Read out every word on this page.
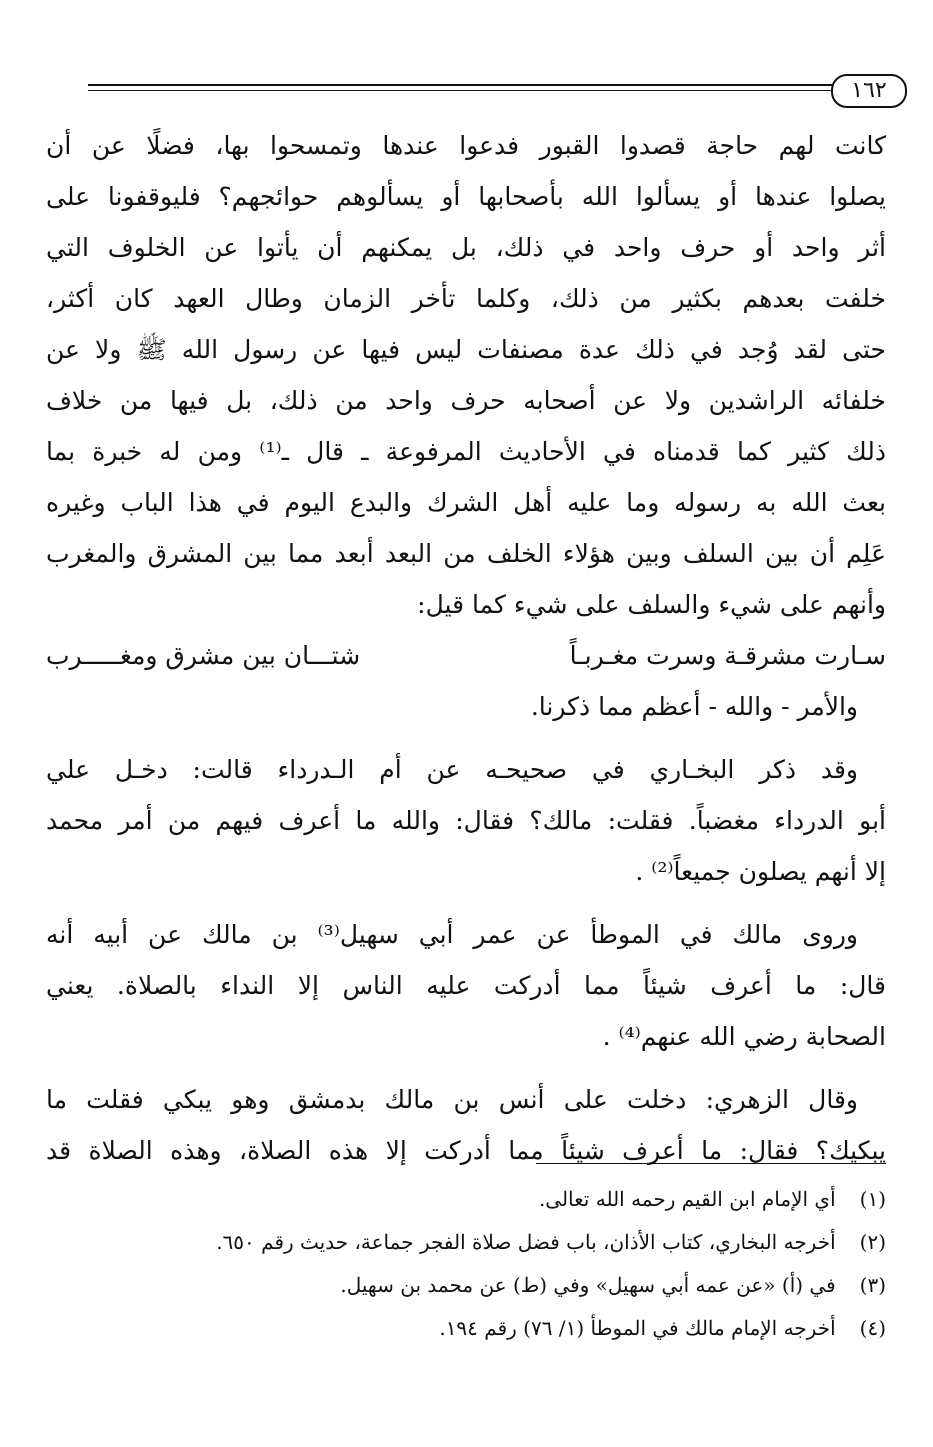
١٦٢
كانت لهم حاجة قصدوا القبور فدعوا عندها وتمسحوا بها، فضلًا عن أن
يصلوا عندها أو يسألوا الله بأصحابها أو يسألوهم حوائجهم؟ فليوقفونا على
أثر واحد أو حرف واحد في ذلك، بل يمكنهم أن يأتوا عن الخلوف التي
خلفت بعدهم بكثير من ذلك، وكلما تأخر الزمان وطال العهد كان أكثر،
حتى لقد وُجد في ذلك عدة مصنفات ليس فيها عن رسول الله ﷺ ولا عن
خلفائه الراشدين ولا عن أصحابه حرف واحد من ذلك، بل فيها من خلاف
ذلك كثير كما قدمناه في الأحاديث المرفوعة ـ قال ـ⁽¹⁾ ومن له خبرة بما
بعث الله به رسوله وما عليه أهل الشرك والبدع اليوم في هذا الباب وغيره
عَلِم أن بين السلف وبين هؤلاء الخلف من البعد أبعد مما بين المشرق والمغرب
وأنهم على شيء والسلف على شيء كما قيل:
سـارت مشرقـة وسرت مغـربـاً
شتـــان بين مشرق ومغـــــرب
والأمر - والله - أعظم مما ذكرنا.
وقد ذكر البخـاري في صحيحـه عن أم الـدرداء قالت: دخـل علي
أبو الدرداء مغضباً. فقلت: مالك؟ فقال: والله ما أعرف فيهم من أمر محمد
إلا أنهم يصلون جميعاً⁽²⁾ .
وروى مالك في الموطأ عن عمر أبي سهيل⁽³⁾ بن مالك عن أبيه أنه
قال: ما أعرف شيئاً مما أدركت عليه الناس إلا النداء بالصلاة. يعني
الصحابة رضي الله عنهم⁽⁴⁾ .
وقال الزهري: دخلت على أنس بن مالك بدمشق وهو يبكي فقلت ما
يبكيك؟ فقال: ما أعرف شيئاً مما أدركت إلا هذه الصلاة، وهذه الصلاة قد
(١) أي الإمام ابن القيم رحمه الله تعالى.
(٢) أخرجه البخاري، كتاب الأذان، باب فضل صلاة الفجر جماعة، حديث رقم ٦٥٠.
(٣) في (أ) «عن عمه أبي سهيل» وفي (ط) عن محمد بن سهيل.
(٤) أخرجه الإمام مالك في الموطأ (١/ ٧٦) رقم ١٩٤.
